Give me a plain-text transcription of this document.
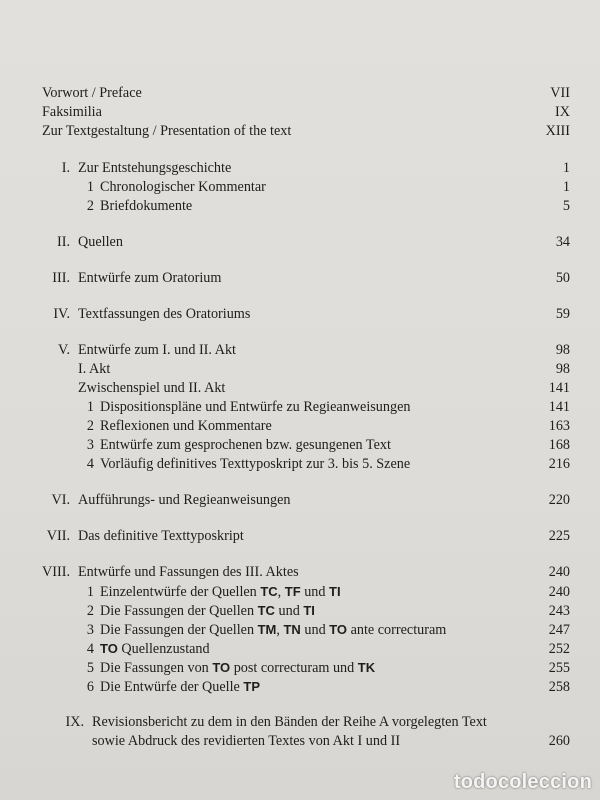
Vorwort / Preface	VII
Faksimilia	IX
Zur Textgestaltung / Presentation of the text	XIII
I. Zur Entstehungsgeschichte	1
1 Chronologischer Kommentar	1
2 Briefdokumente	5
II. Quellen	34
III. Entwürfe zum Oratorium	50
IV. Textfassungen des Oratoriums	59
V. Entwürfe zum I. und II. Akt	98
I. Akt	98
Zwischenspiel und II. Akt	141
1 Dispositionspläne und Entwürfe zu Regieanweisungen	141
2 Reflexionen und Kommentare	163
3 Entwürfe zum gesprochenen bzw. gesungenen Text	168
4 Vorläufig definitives Texttyposkript zur 3. bis 5. Szene	216
VI. Aufführungs- und Regieanweisungen	220
VII. Das definitive Texttyposkript	225
VIII. Entwürfe und Fassungen des III. Aktes	240
1 Einzelentwürfe der Quellen TC, TF und TI	240
2 Die Fassungen der Quellen TC und TI	243
3 Die Fassungen der Quellen TM, TN und TO ante correcturam	247
4 TO Quellenzustand	252
5 Die Fassungen von TO post correcturam und TK	255
6 Die Entwürfe der Quelle TP	258
IX. Revisionsbericht zu dem in den Bänden der Reihe A vorgelegten Text
sowie Abdruck des revidierten Textes von Akt I und II	260
todocoleccion
